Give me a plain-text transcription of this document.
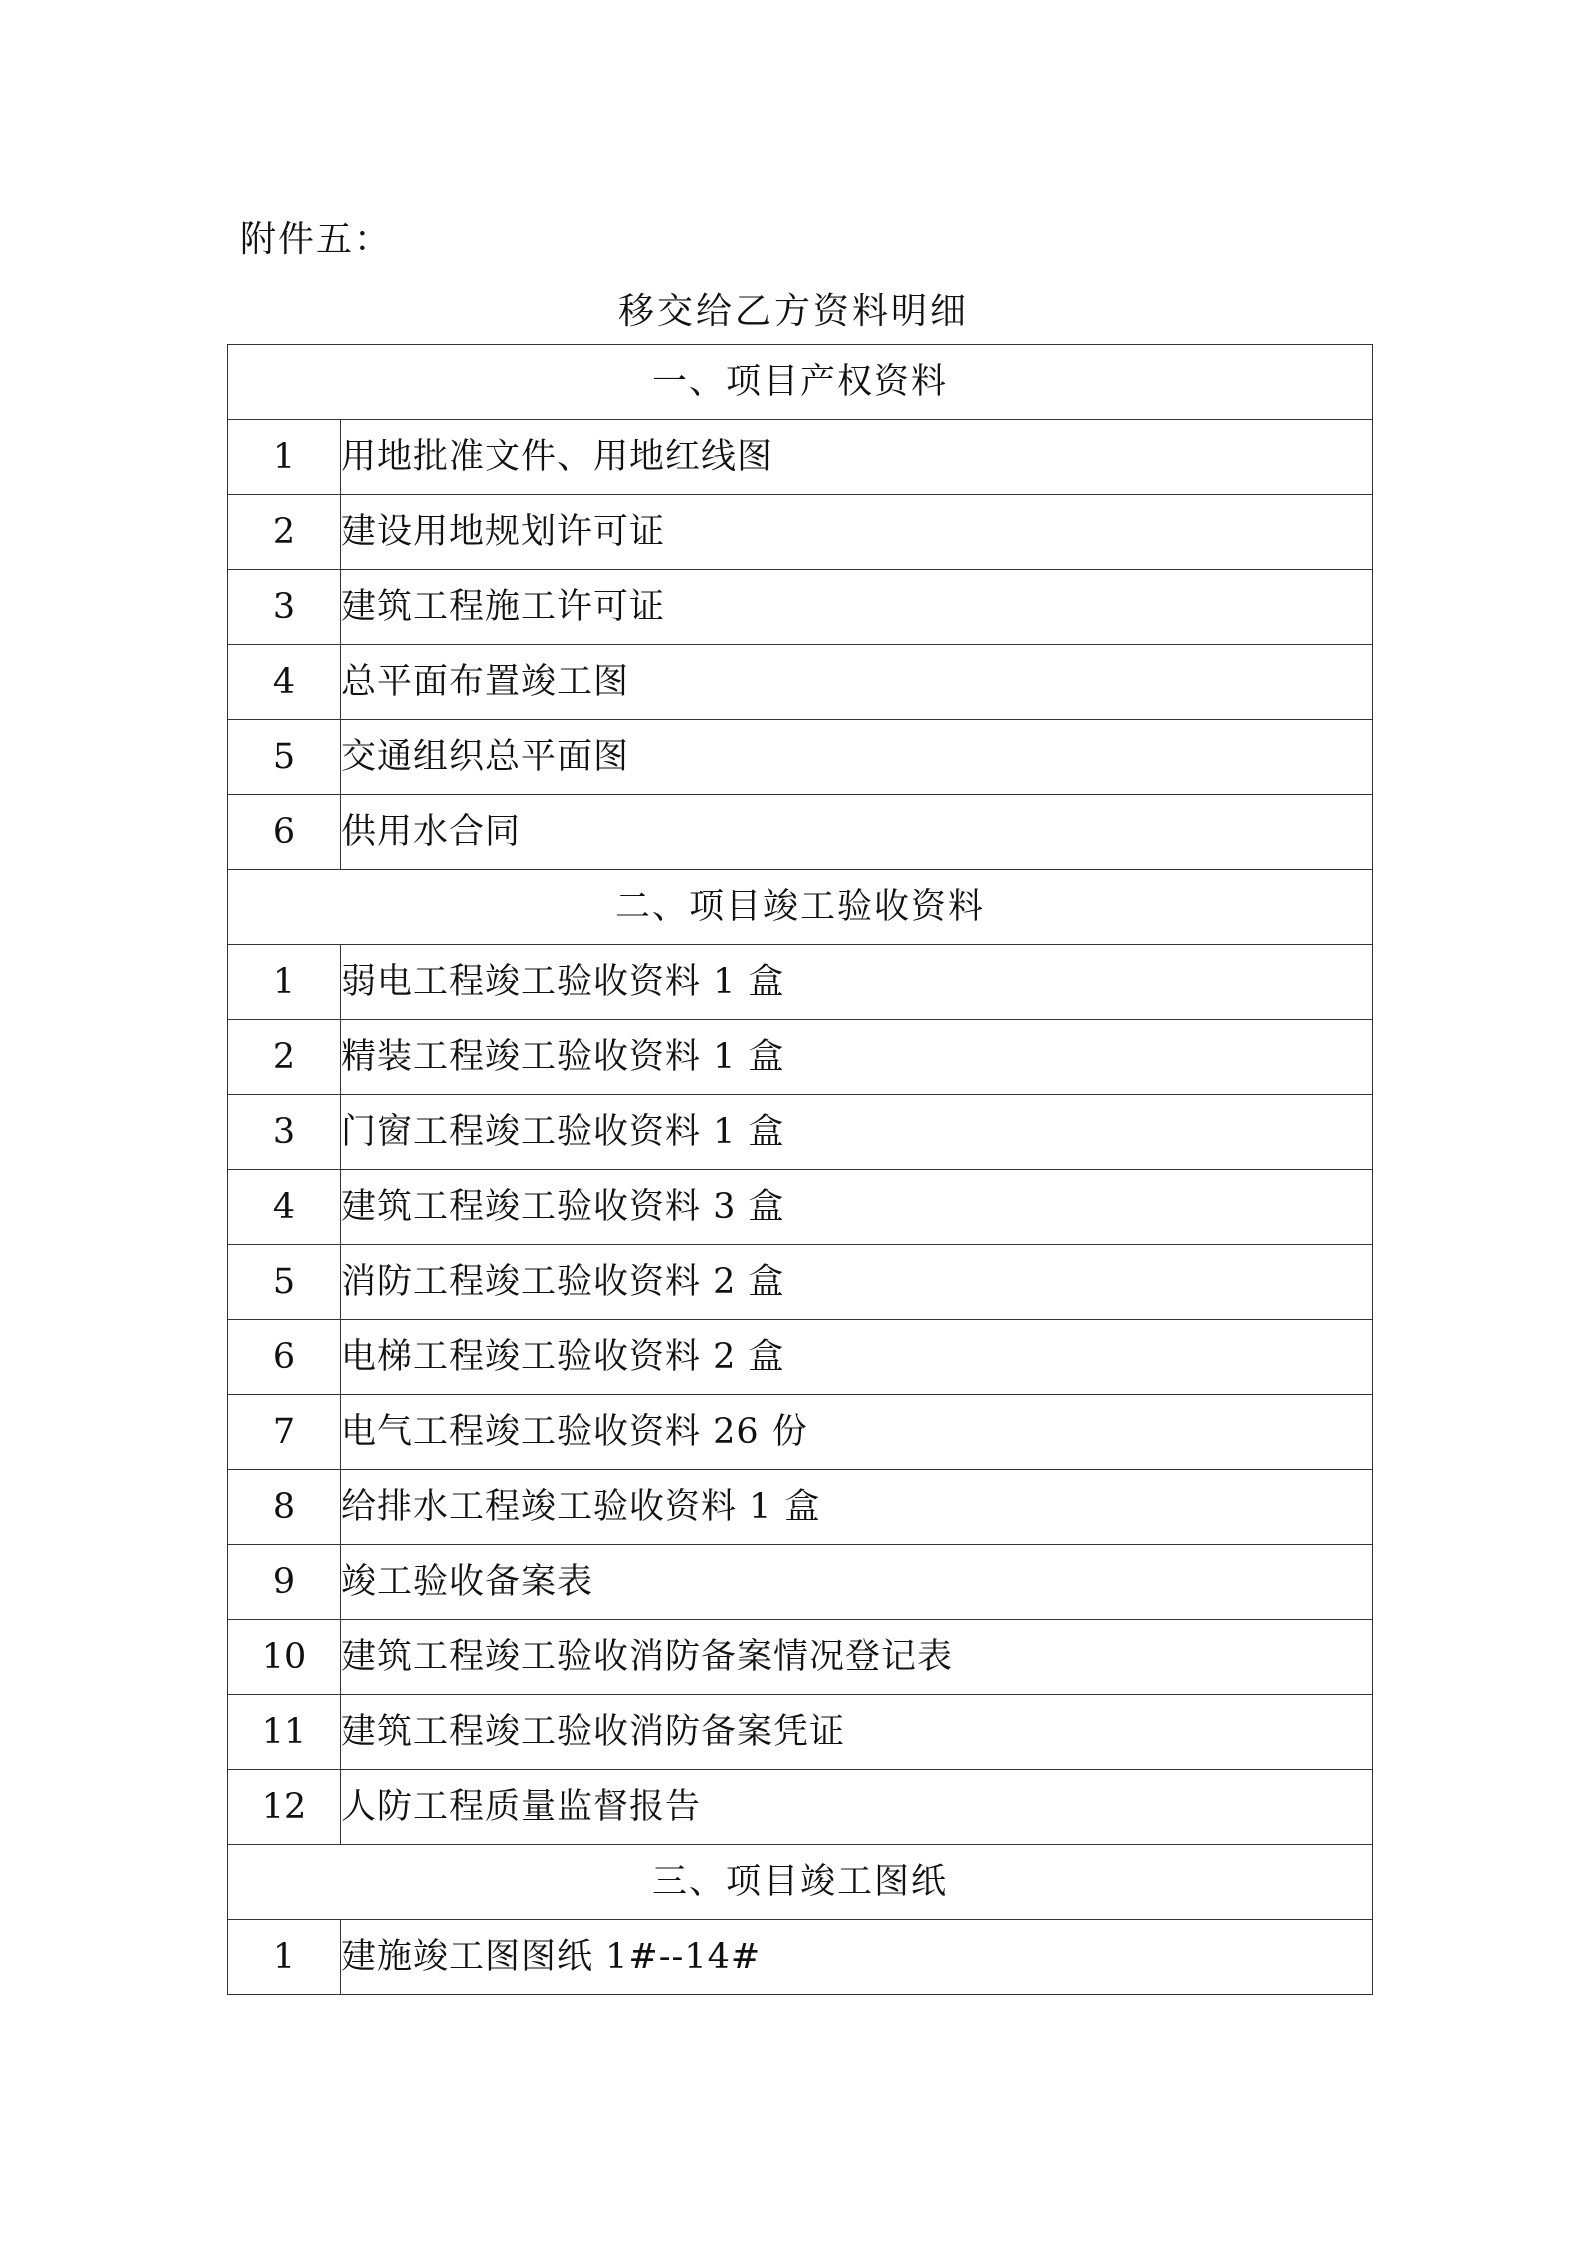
附件五：
移交给乙方资料明细
一、项目产权资料	
1	用地批准文件、用地红线图
2	建设用地规划许可证
3	建筑工程施工许可证
4	总平面布置竣工图
5	交通组织总平面图
6	供用水合同
二、项目竣工验收资料	
1	弱电工程竣工验收资料 1 盒
2	精装工程竣工验收资料 1 盒
3	门窗工程竣工验收资料 1 盒
4	建筑工程竣工验收资料 3 盒
5	消防工程竣工验收资料 2 盒
6	电梯工程竣工验收资料 2 盒
7	电气工程竣工验收资料 26 份
8	给排水工程竣工验收资料 1 盒
9	竣工验收备案表
10	建筑工程竣工验收消防备案情况登记表
11	建筑工程竣工验收消防备案凭证
12	人防工程质量监督报告
三、项目竣工图纸	
1	建施竣工图图纸 1#--14#
